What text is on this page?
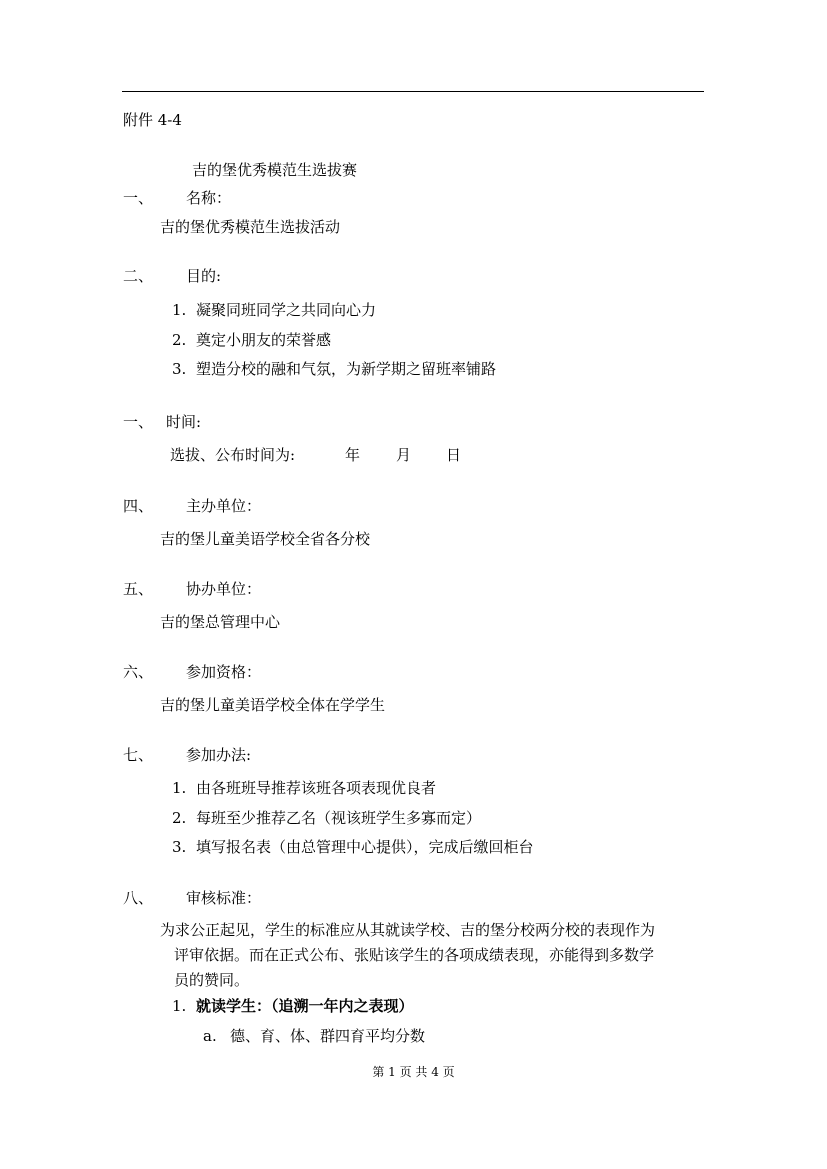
附件 4-4
吉的堡优秀模范生选拔赛
一、 名称：
吉的堡优秀模范生选拔活动
二、 目的:
1. 凝聚同班同学之共同向心力
2. 奠定小朋友的荣誉感
3. 塑造分校的融和气氛，为新学期之留班率铺路
一、 时间:
选拔、公布时间为:	年 月 日
四、 主办单位：
吉的堡儿童美语学校全省各分校
五、 协办单位：
吉的堡总管理中心
六、 参加资格：
吉的堡儿童美语学校全体在学学生
七、 参加办法:
1. 由各班班导推荐该班各项表现优良者
2. 每班至少推荐乙名（视该班学生多寡而定）
3. 填写报名表（由总管理中心提供），完成后缴回柜台
八、 审核标准：
为求公正起见，学生的标准应从其就读学校、吉的堡分校两分校的表现作为
评审依据。而在正式公布、张贴该学生的各项成绩表现，亦能得到多数学
员的赞同。
1. 就读学生：（追溯一年内之表现）
a. 德、育、体、群四育平均分数
第 1 页 共 4 页
